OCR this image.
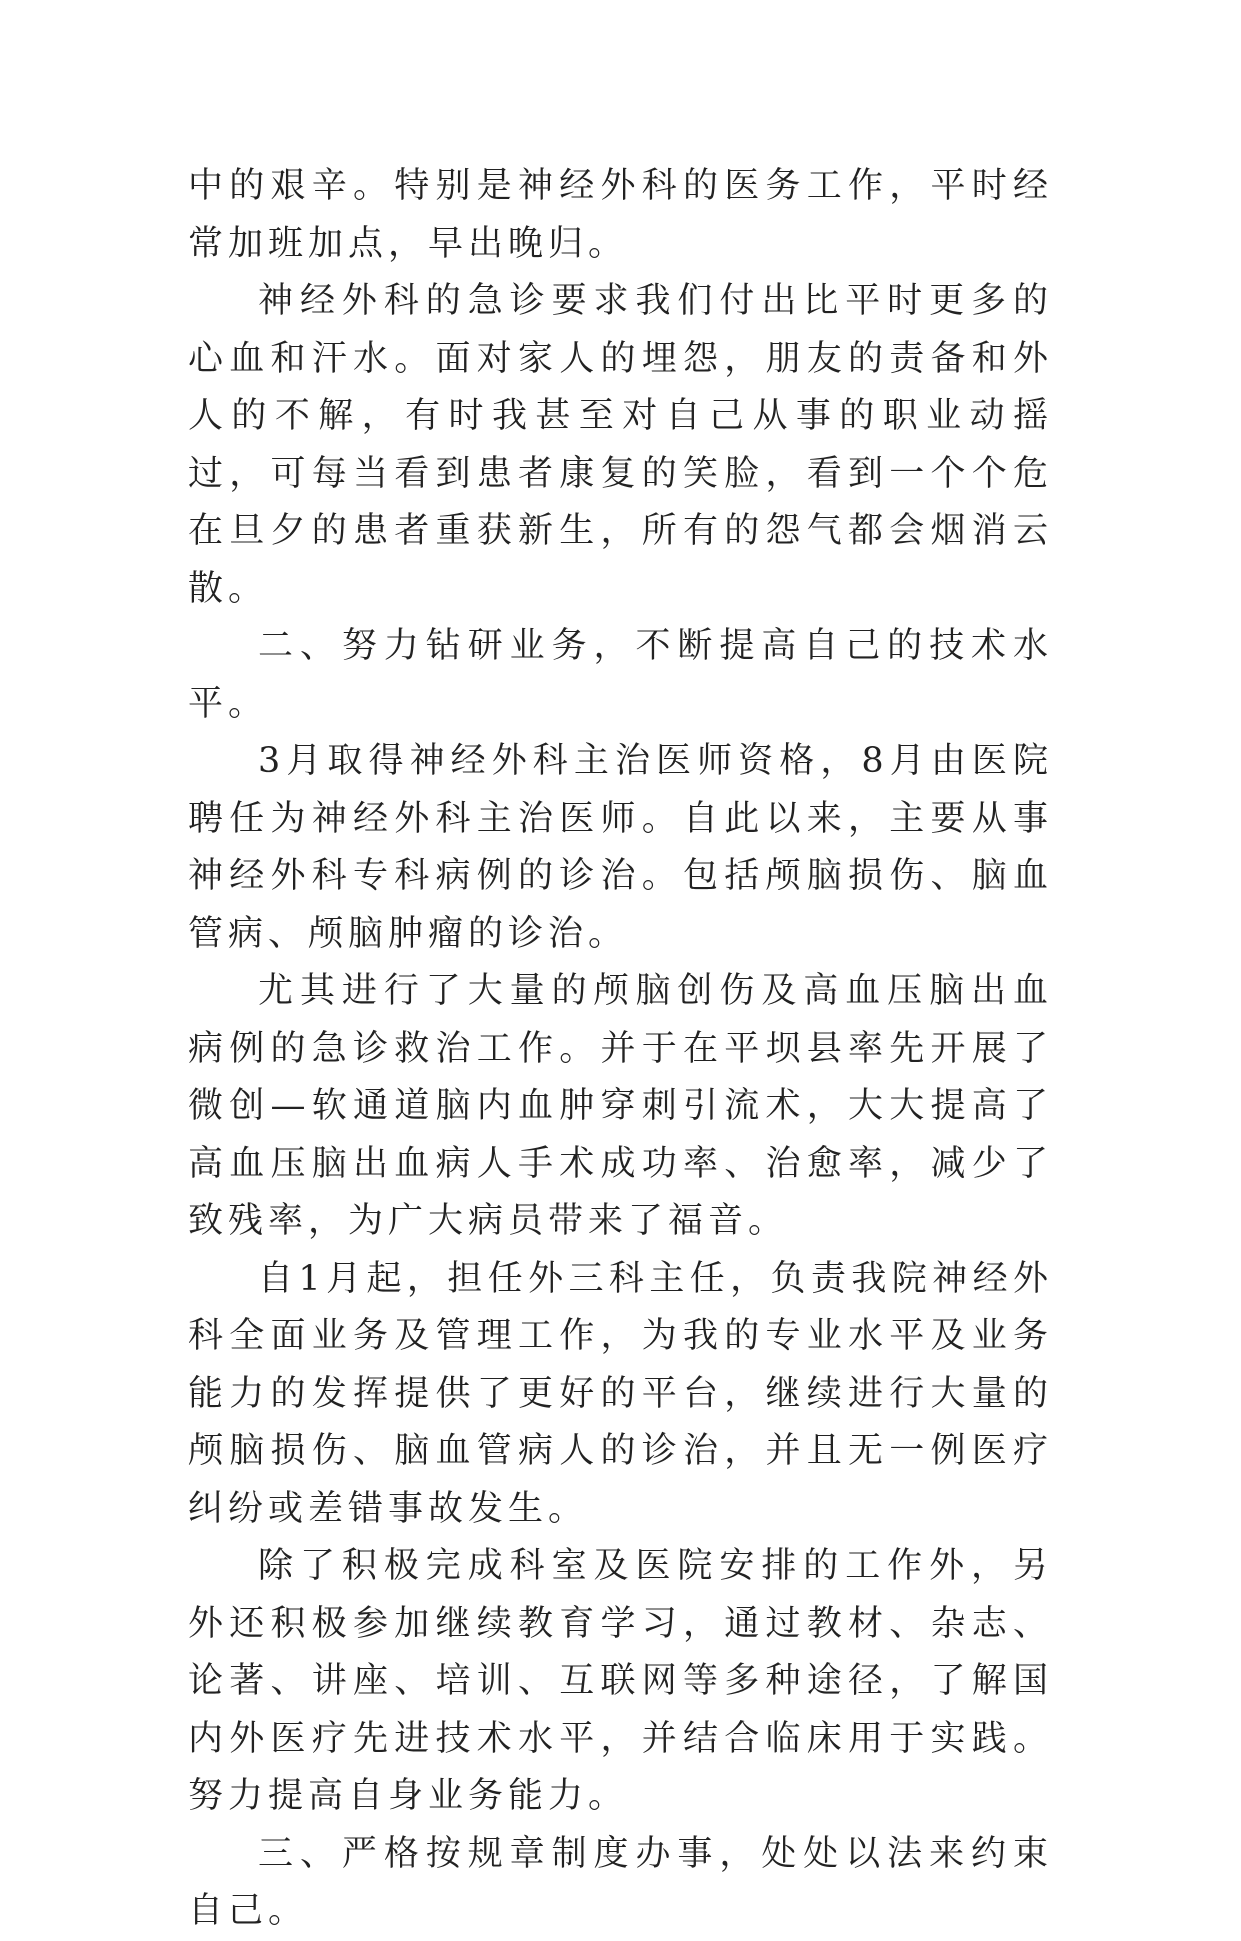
中的艰辛。特别是神经外科的医务工作，平时经常加班加点，早出晚归。

神经外科的急诊要求我们付出比平时更多的心血和汗水。面对家人的埋怨，朋友的责备和外人的不解，有时我甚至对自己从事的职业动摇过，可每当看到患者康复的笑脸，看到一个个危在旦夕的患者重获新生，所有的怨气都会烟消云散。

二、努力钻研业务，不断提高自己的技术水平。

3月取得神经外科主治医师资格，8月由医院聘任为神经外科主治医师。自此以来，主要从事神经外科专科病例的诊治。包括颅脑损伤、脑血管病、颅脑肿瘤的诊治。

尤其进行了大量的颅脑创伤及高血压脑出血病例的急诊救治工作。并于在平坝县率先开展了微创—软通道脑内血肿穿刺引流术，大大提高了高血压脑出血病人手术成功率、治愈率，减少了致残率，为广大病员带来了福音。

自1月起，担任外三科主任，负责我院神经外科全面业务及管理工作，为我的专业水平及业务能力的发挥提供了更好的平台，继续进行大量的颅脑损伤、脑血管病人的诊治，并且无一例医疗纠纷或差错事故发生。

除了积极完成科室及医院安排的工作外，另外还积极参加继续教育学习，通过教材、杂志、论著、讲座、培训、互联网等多种途径，了解国内外医疗先进技术水平，并结合临床用于实践。努力提高自身业务能力。

三、严格按规章制度办事，处处以法来约束自己。
